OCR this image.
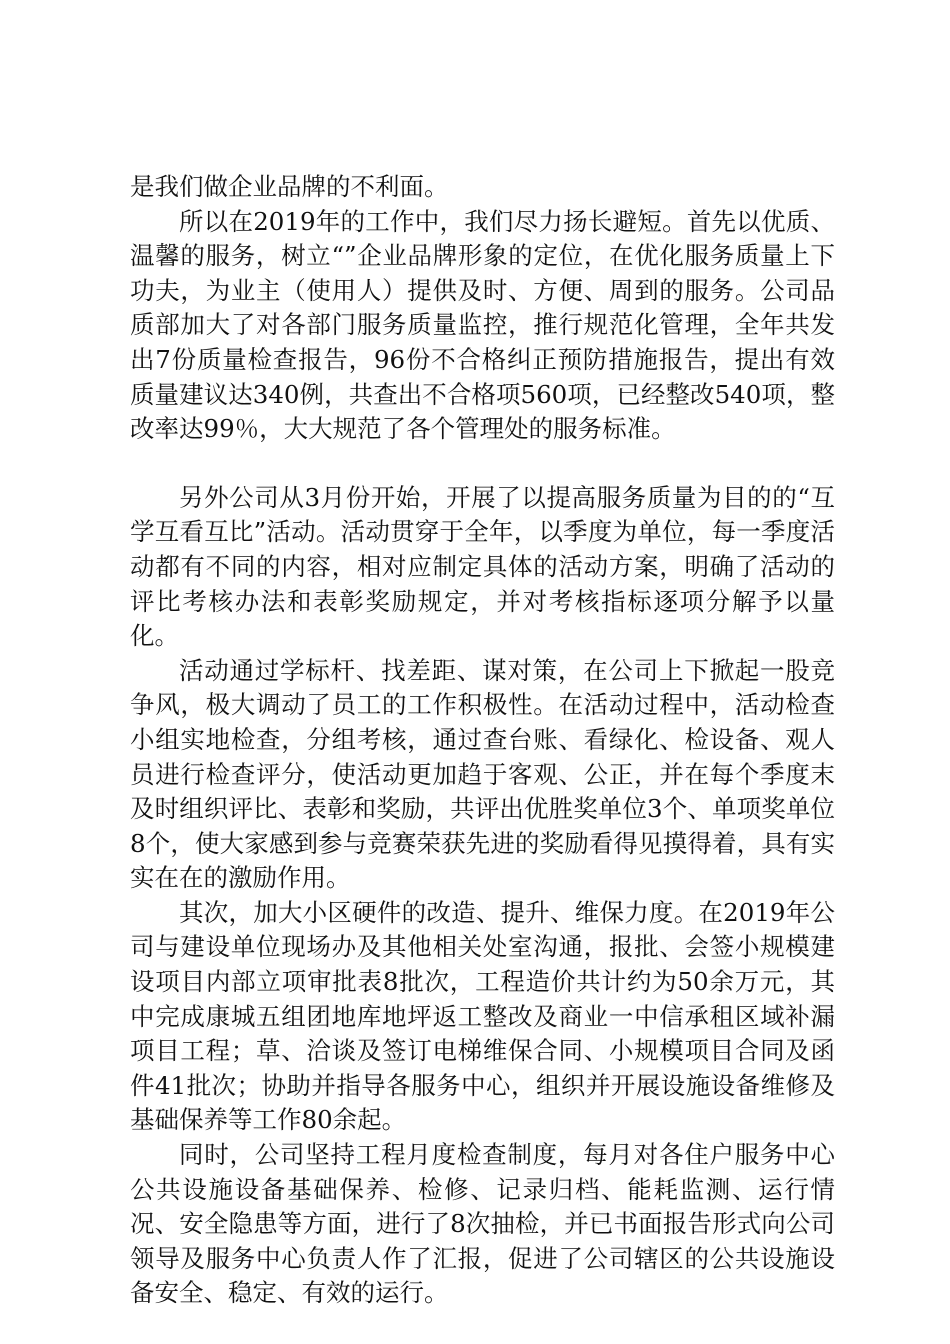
是我们做企业品牌的不利面。

所以在2019年的工作中，我们尽力扬长避短。首先以优质、温馨的服务，树立“”企业品牌形象的定位，在优化服务质量上下功夫，为业主（使用人）提供及时、方便、周到的服务。公司品质部加大了对各部门服务质量监控，推行规范化管理，全年共发出7份质量检查报告，96份不合格纠正预防措施报告，提出有效质量建议达340例，共查出不合格项560项，已经整改540项，整改率达99％，大大规范了各个管理处的服务标准。

另外公司从3月份开始，开展了以提高服务质量为目的的“互学互看互比”活动。活动贯穿于全年，以季度为单位，每一季度活动都有不同的内容，相对应制定具体的活动方案，明确了活动的评比考核办法和表彰奖励规定，并对考核指标逐项分解予以量化。

活动通过学标杆、找差距、谋对策，在公司上下掀起一股竞争风，极大调动了员工的工作积极性。在活动过程中，活动检查小组实地检查，分组考核，通过查台账、看绿化、检设备、观人员进行检查评分，使活动更加趋于客观、公正，并在每个季度末及时组织评比、表彰和奖励，共评出优胜奖单位3个、单项奖单位8个，使大家感到参与竞赛荣获先进的奖励看得见摸得着，具有实实在在的激励作用。

其次，加大小区硬件的改造、提升、维保力度。在2019年公司与建设单位现场办及其他相关处室沟通，报批、会签小规模建设项目内部立项审批表8批次，工程造价共计约为50余万元，其中完成康城五组团地库地坪返工整改及商业一中信承租区域补漏项目工程；草、洽谈及签订电梯维保合同、小规模项目合同及函件41批次；协助并指导各服务中心，组织并开展设施设备维修及基础保养等工作80余起。

同时，公司坚持工程月度检查制度，每月对各住户服务中心公共设施设备基础保养、检修、记录归档、能耗监测、运行情况、安全隐患等方面，进行了8次抽检，并已书面报告形式向公司领导及服务中心负责人作了汇报，促进了公司辖区的公共设施设备安全、稳定、有效的运行。
